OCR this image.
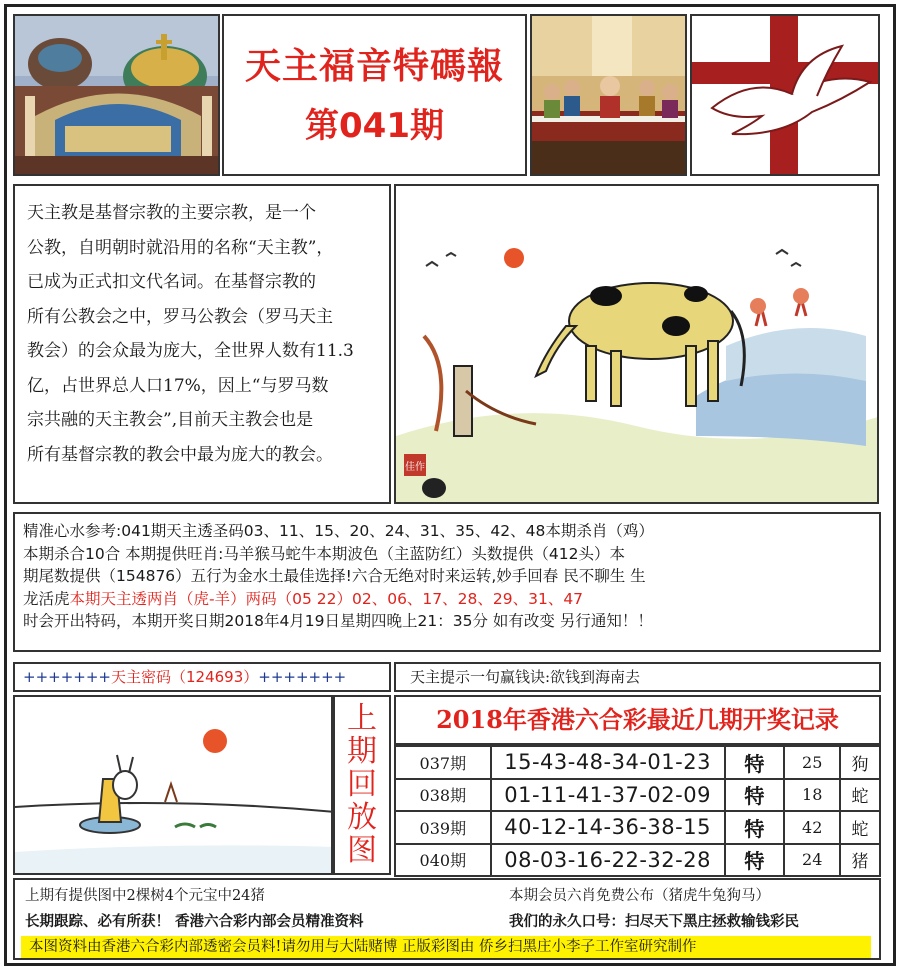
天主福音特碼報
第041期
天主教是基督宗教的主要宗教，是一个
公教，自明朝时就沿用的名称“天主教”，
已成为正式扣文代名词。在基督宗教的
所有公教会之中，罗马公教会（罗马天主
教会）的会众最为庞大，全世界人数有11.3
亿，占世界总人口17%，因上“与罗马数
宗共融的天主教会”,目前天主教会也是
所有基督宗教的教会中最为庞大的教会。
佳作
精准心水参考:041期天主透圣码03、11、15、20、24、31、35、42、48本期杀肖（鸡）
本期杀合10合 本期提供旺肖:马羊猴马蛇牛本期波色（主蓝防红）头数提供（412头）本
期尾数提供（154876）五行为金水土最佳选择!六合无绝对时来运转,妙手回春 民不聊生 生
龙活虎本期天主透两肖（虎-羊）两码（05 22）02、06、17、28、29、31、47
时会开出特码，本期开奖日期2018年4月19日星期四晚上21：35分 如有改变 另行通知！！
+++++++天主密码（124693）+++++++	天主提示一句赢钱诀:欲钱到海南去
上
期
回
放
图
2018年香港六合彩最近几期开奖记录
037期	15-43-48-34-01-23	特	25	狗
038期	01-11-41-37-02-09	特	18	蛇
039期	40-12-14-36-38-15	特	42	蛇
040期	08-03-16-22-32-28	特	24	猪
上期有提供图中2棵树4个元宝中24猪	本期会员六肖免费公布（猪虎牛兔狗马）
长期跟踪、必有所获！ 香港六合彩内部会员精准资料	我们的永久口号：扫尽天下黑庄拯救输钱彩民
本图资料由香港六合彩内部透密会员料!请勿用与大陆赌博 正版彩图由 侨乡扫黑庄小李子工作室研究制作
